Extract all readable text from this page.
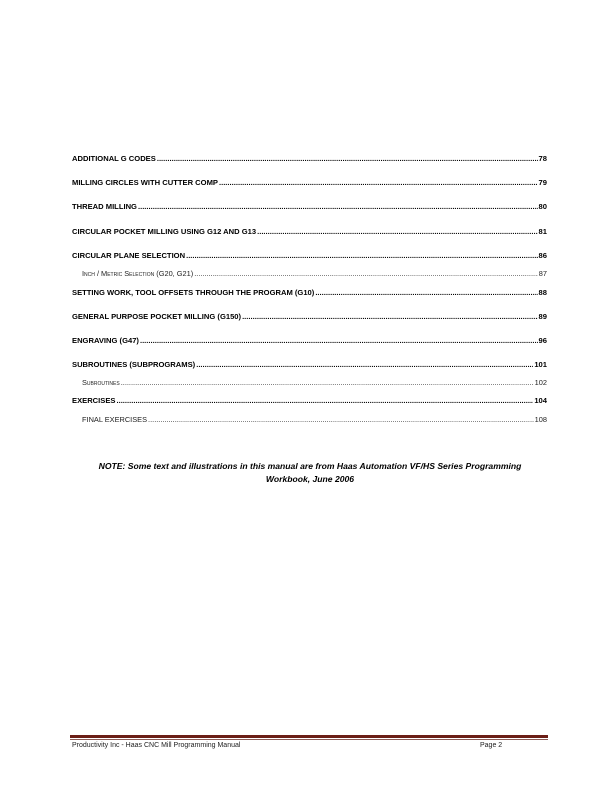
ADDITIONAL G CODES .....	78
MILLING CIRCLES WITH CUTTER COMP .....	79
THREAD MILLING .....	80
CIRCULAR POCKET MILLING USING G12 AND G13 .....	81
CIRCULAR PLANE SELECTION .....	86
Inch / Metric Selection (G20, G21) .....	87
SETTING WORK, TOOL OFFSETS THROUGH THE PROGRAM (G10) .....	88
GENERAL PURPOSE POCKET MILLING (G150) .....	89
ENGRAVING (G47) .....	96
SUBROUTINES (SUBPROGRAMS) .....	101
Subroutines .....	102
EXERCISES .....	104
FINAL EXERCISES .....	108
NOTE: Some text and illustrations in this manual are from Haas Automation VF/HS Series Programming
Workbook, June 2006
Productivity Inc - Haas CNC Mill Programming Manual	Page 2
